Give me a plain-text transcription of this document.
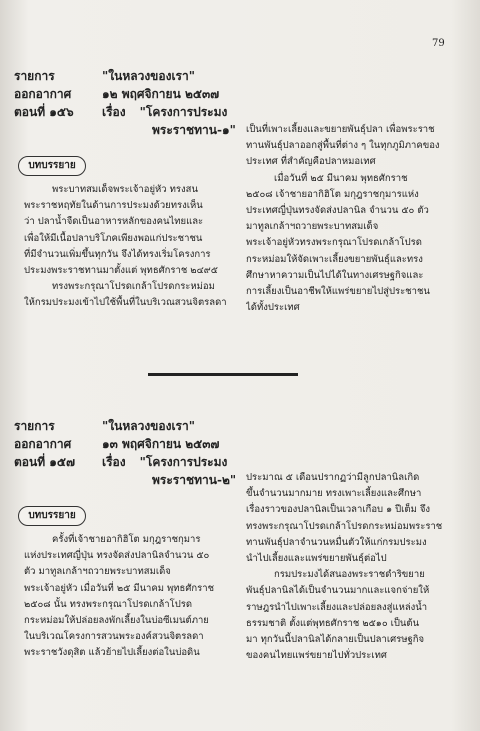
79
รายการ	"ในหลวงของเรา"
ออกอากาศ	๑๒ พฤศจิกายน ๒๕๓๗
ตอนที่ ๑๕๖ เรื่อง "โครงการประมง
พระราชทาน-๑"
บทบรรยาย
พระบาทสมเด็จพระเจ้าอยู่หัว ทรงสน
พระราชหฤทัยในด้านการประมงด้วยทรงเห็น
ว่า ปลาน้ำจืดเป็นอาหารหลักของคนไทยและ
เพื่อให้มีเนื้อปลาบริโภคเพียงพอแก่ประชาชน
ที่มีจำนวนเพิ่มขึ้นทุกวัน จึงได้ทรงเริ่มโครงการ
ประมงพระราชทานมาตั้งแต่ พุทธศักราช ๒๔๙๕
ทรงพระกรุณาโปรดเกล้าโปรดกระหม่อม
ให้กรมประมงเข้าไปใช้พื้นที่ในบริเวณสวนจิตรลดา
เป็นที่เพาะเลี้ยงและขยายพันธุ์ปลา เพื่อพระราช
ทานพันธุ์ปลาออกสู่พื้นที่ต่าง ๆ ในทุกภูมิภาคของ
ประเทศ ที่สำคัญคือปลาหมอเทศ
เมื่อวันที่ ๒๕ มีนาคม พุทธศักราช
๒๕๐๘ เจ้าชายอากิฮิโต มกุฎราชกุมารแห่ง
ประเทศญี่ปุ่นทรงจัดส่งปลานิล จำนวน ๕๐ ตัว
มาทูลเกล้าฯถวายพระบาทสมเด็จ
พระเจ้าอยู่หัวทรงพระกรุณาโปรดเกล้าโปรด
กระหม่อมให้จัดเพาะเลี้ยงขยายพันธุ์และทรง
ศึกษาหาความเป็นไปได้ในทางเศรษฐกิจและ
การเลี้ยงเป็นอาชีพให้แพร่ขยายไปสู่ประชาชน
ได้ทั้งประเทศ
รายการ	"ในหลวงของเรา"
ออกอากาศ	๑๓ พฤศจิกายน ๒๕๓๗
ตอนที่ ๑๕๗ เรื่อง "โครงการประมง
พระราชทาน-๒"
บทบรรยาย
ครั้งที่เจ้าชายอากิฮิโต มกุฎราชกุมาร
แห่งประเทศญี่ปุ่น ทรงจัดส่งปลานิลจำนวน ๕๐
ตัว มาทูลเกล้าฯถวายพระบาทสมเด็จ
พระเจ้าอยู่หัว เมื่อวันที่ ๒๕ มีนาคม พุทธศักราช
๒๕๐๘ นั้น ทรงพระกรุณาโปรดเกล้าโปรด
กระหม่อมให้ปล่อยลงพักเลี้ยงในบ่อซีเมนต์ภาย
ในบริเวณโครงการสวนพระองค์สวนจิตรลดา
พระราชวังดุสิต แล้วย้ายไปเลี้ยงต่อในบ่อดิน
ประมาณ ๕ เดือนปรากฏว่ามีลูกปลานิลเกิด
ขึ้นจำนวนมากมาย ทรงเพาะเลี้ยงและศึกษา
เรื่องราวของปลานิลเป็นเวลาเกือบ ๑ ปีเต็ม จึง
ทรงพระกรุณาโปรดเกล้าโปรดกระหม่อมพระราช
ทานพันธุ์ปลาจำนวนหมื่นตัวให้แก่กรมประมง
นำไปเลี้ยงและแพร่ขยายพันธุ์ต่อไป
กรมประมงได้สนองพระราชดำริขยาย
พันธุ์ปลานิลได้เป็นจำนวนมากและแจกจ่ายให้
ราษฎรนำไปเพาะเลี้ยงและปล่อยลงสู่แหล่งน้ำ
ธรรมชาติ ตั้งแต่พุทธศักราช ๒๕๑๐ เป็นต้น
มา ทุกวันนี้ปลานิลได้กลายเป็นปลาเศรษฐกิจ
ของคนไทยแพร่ขยายไปทั่วประเทศ
